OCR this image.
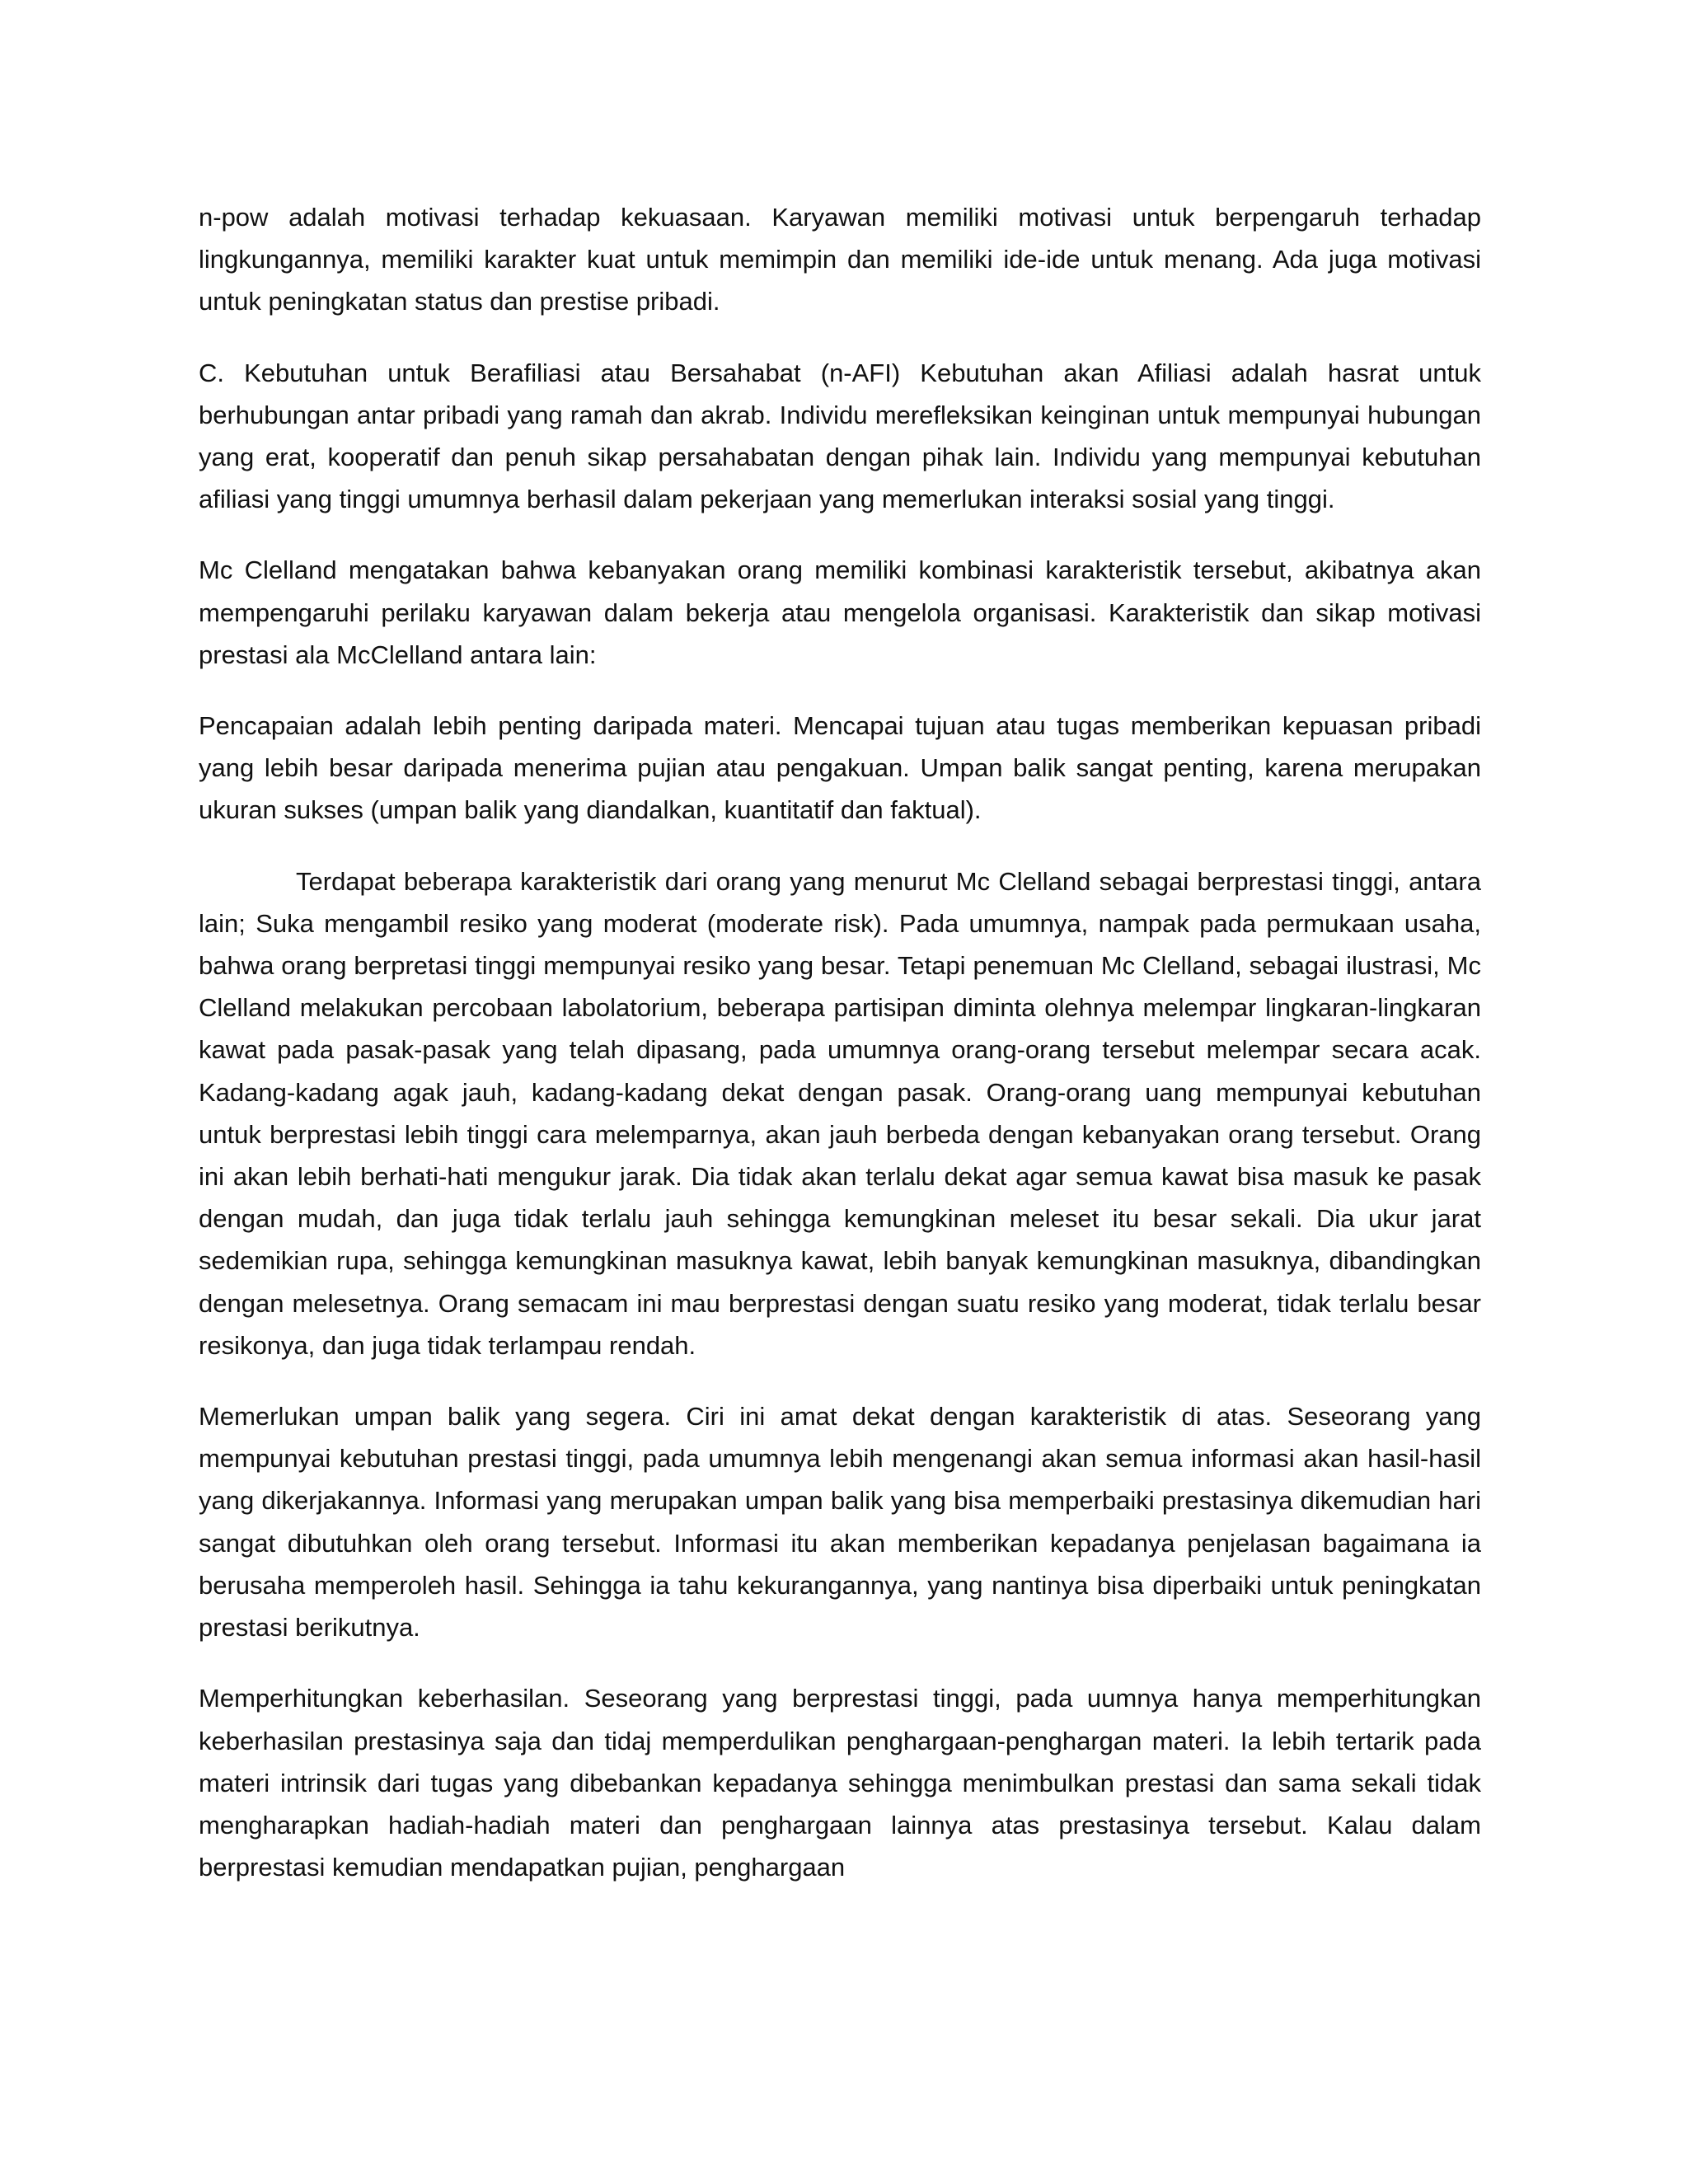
n-pow adalah motivasi terhadap kekuasaan. Karyawan memiliki motivasi untuk berpengaruh terhadap lingkungannya, memiliki karakter kuat untuk memimpin dan memiliki ide-ide untuk menang. Ada juga motivasi untuk peningkatan status dan prestise pribadi.

C. Kebutuhan untuk Berafiliasi atau Bersahabat (n-AFI) Kebutuhan akan Afiliasi adalah hasrat untuk berhubungan antar pribadi yang ramah dan akrab. Individu merefleksikan keinginan untuk mempunyai hubungan yang erat, kooperatif dan penuh sikap persahabatan dengan pihak lain. Individu yang mempunyai kebutuhan afiliasi yang tinggi umumnya berhasil dalam pekerjaan yang memerlukan interaksi sosial yang tinggi.

Mc Clelland mengatakan bahwa kebanyakan orang memiliki kombinasi karakteristik tersebut, akibatnya akan mempengaruhi perilaku karyawan dalam bekerja atau mengelola organisasi. Karakteristik dan sikap motivasi prestasi ala McClelland antara lain:

Pencapaian adalah lebih penting daripada materi. Mencapai tujuan atau tugas memberikan kepuasan pribadi yang lebih besar daripada menerima pujian atau pengakuan. Umpan balik sangat penting, karena merupakan ukuran sukses (umpan balik yang diandalkan, kuantitatif dan faktual).

Terdapat beberapa karakteristik dari orang yang menurut Mc Clelland sebagai berprestasi tinggi, antara lain; Suka mengambil resiko yang moderat (moderate risk). Pada umumnya, nampak pada permukaan usaha, bahwa orang berpretasi tinggi mempunyai resiko yang besar. Tetapi penemuan Mc Clelland, sebagai ilustrasi, Mc Clelland melakukan percobaan labolatorium, beberapa partisipan diminta olehnya melempar lingkaran-lingkaran kawat pada pasak-pasak yang telah dipasang, pada umumnya orang-orang tersebut melempar secara acak. Kadang-kadang agak jauh, kadang-kadang dekat dengan pasak. Orang-orang uang mempunyai kebutuhan untuk berprestasi lebih tinggi cara melemparnya, akan jauh berbeda dengan kebanyakan orang tersebut. Orang ini akan lebih berhati-hati mengukur jarak. Dia tidak akan terlalu dekat agar semua kawat bisa masuk ke pasak dengan mudah, dan juga tidak terlalu jauh sehingga kemungkinan meleset itu besar sekali. Dia ukur jarat sedemikian rupa, sehingga kemungkinan masuknya kawat, lebih banyak kemungkinan masuknya, dibandingkan dengan melesetnya. Orang semacam ini mau berprestasi dengan suatu resiko yang moderat, tidak terlalu besar resikonya, dan juga tidak terlampau rendah.

Memerlukan umpan balik yang segera. Ciri ini amat dekat dengan karakteristik di atas. Seseorang yang mempunyai kebutuhan prestasi tinggi, pada umumnya lebih mengenangi akan semua informasi akan hasil-hasil yang dikerjakannya. Informasi yang merupakan umpan balik yang bisa memperbaiki prestasinya dikemudian hari sangat dibutuhkan oleh orang tersebut. Informasi itu akan memberikan kepadanya penjelasan bagaimana ia berusaha memperoleh hasil. Sehingga ia tahu kekurangannya, yang nantinya bisa diperbaiki untuk peningkatan prestasi berikutnya.

Memperhitungkan keberhasilan. Seseorang yang berprestasi tinggi, pada uumnya hanya memperhitungkan keberhasilan prestasinya saja dan tidaj memperdulikan penghargaan-penghargan materi. Ia lebih tertarik pada materi intrinsik dari tugas yang dibebankan kepadanya sehingga menimbulkan prestasi dan sama sekali tidak mengharapkan hadiah-hadiah materi dan penghargaan lainnya atas prestasinya tersebut. Kalau dalam berprestasi kemudian mendapatkan pujian, penghargaan
